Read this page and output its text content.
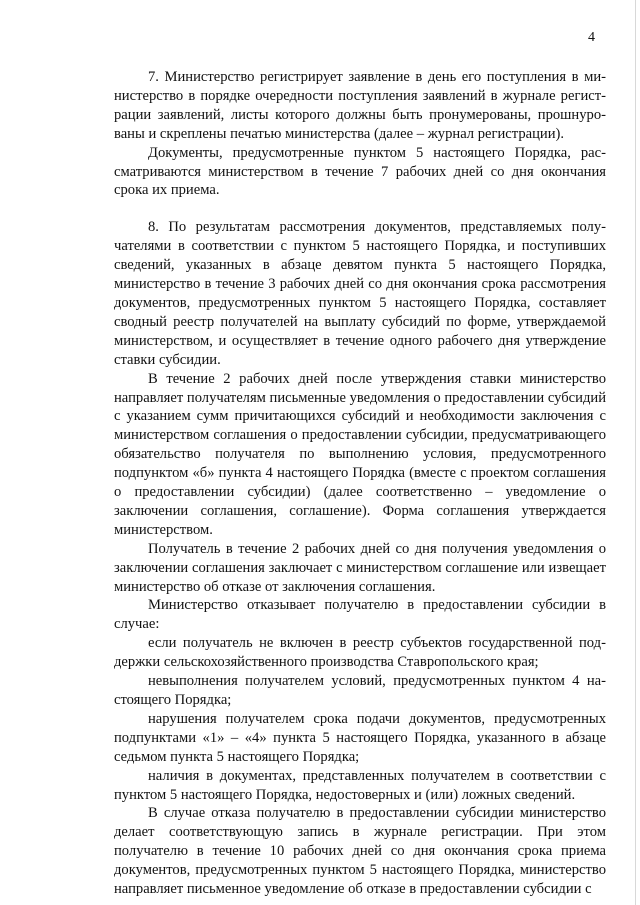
4

7. Министерство регистрирует заявление в день его поступления в министерство в порядке очередности поступления заявлений в журнале регистрации заявлений, листы которого должны быть пронумерованы, прошнурованы и скреплены печатью министерства (далее – журнал регистрации).

Документы, предусмотренные пунктом 5 настоящего Порядка, рассматриваются министерством в течение 7 рабочих дней со дня окончания срока их приема.

8. По результатам рассмотрения документов, представляемых получателями в соответствии с пунктом 5 настоящего Порядка, и поступивших сведений, указанных в абзаце девятом пункта 5 настоящего Порядка, министерство в течение 3 рабочих дней со дня окончания срока рассмотрения документов, предусмотренных пунктом 5 настоящего Порядка, составляет сводный реестр получателей на выплату субсидий по форме, утверждаемой министерством, и осуществляет в течение одного рабочего дня утверждение ставки субсидии.

В течение 2 рабочих дней после утверждения ставки министерство направляет получателям письменные уведомления о предоставлении субсидий с указанием сумм причитающихся субсидий и необходимости заключения с министерством соглашения о предоставлении субсидии, предусматривающего обязательство получателя по выполнению условия, предусмотренного подпунктом «б» пункта 4 настоящего Порядка (вместе с проектом соглашения о предоставлении субсидии) (далее соответственно – уведомление о заключении соглашения, соглашение). Форма соглашения утверждается министерством.

Получатель в течение 2 рабочих дней со дня получения уведомления о заключении соглашения заключает с министерством соглашение или извещает министерство об отказе от заключения соглашения.

Министерство отказывает получателю в предоставлении субсидии в случае:

если получатель не включен в реестр субъектов государственной поддержки сельскохозяйственного производства Ставропольского края;

невыполнения получателем условий, предусмотренных пунктом 4 настоящего Порядка;

нарушения получателем срока подачи документов, предусмотренных подпунктами «1» – «4» пункта 5 настоящего Порядка, указанного в абзаце седьмом пункта 5 настоящего Порядка;

наличия в документах, представленных получателем в соответствии с пунктом 5 настоящего Порядка, недостоверных и (или) ложных сведений.

В случае отказа получателю в предоставлении субсидии министерство делает соответствующую запись в журнале регистрации. При этом получателю в течение 10 рабочих дней со дня окончания срока приема документов, предусмотренных пунктом 5 настоящего Порядка, министерство направляет письменное уведомление об отказе в предоставлении субсидии с
